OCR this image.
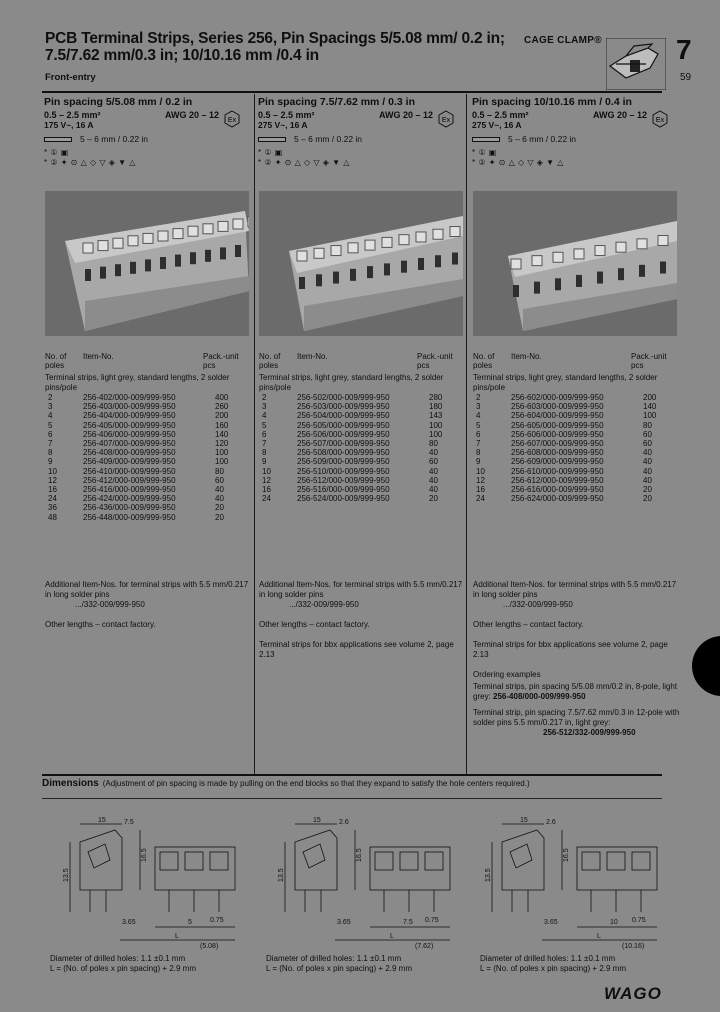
PCB Terminal Strips, Series 256, Pin Spacings 5/5.08 mm/ 0.2 in; 7.5/7.62 mm/0.3 in; 10/10.16 mm /0.4 in
Front-entry
CAGE CLAMP®	7
59
Pin spacing 5/5.08 mm / 0.2 in
0.5 – 2.5 mm²	AWG 20 – 12
175 V~, 16 A
5 – 6 mm / 0.22 in
* ① ▣
* ② ✦ ⊙ △ ◇ ▽ ◈ ▼ △
Ex
Pin spacing 7.5/7.62 mm / 0.3 in
0.5 – 2.5 mm²	AWG 20 – 12
275 V~, 16 A
5 – 6 mm / 0.22 in
* ① ▣
* ② ✦ ⊙ △ ◇ ▽ ◈ ▼ △
Ex
Pin spacing 10/10.16 mm / 0.4 in
0.5 – 2.5 mm²	AWG 20 – 12
275 V~, 16 A
5 – 6 mm / 0.22 in
* ① ▣
* ② ✦ ⊙ △ ◇ ▽ ◈ ▼ △
Ex
No. of poles
Item-No.	Pack.-unit pcs
Terminal strips, light grey, standard lengths, 2 solder pins/pole
2	256-402/000-009/999-950	400
3	256-403/000-009/999-950	260
4	256-404/000-009/999-950	200
5	256-405/000-009/999-950	160
6	256-406/000-009/999-950	140
7	256-407/000-009/999-950	120
8	256-408/000-009/999-950	100
9	256-409/000-009/999-950	100
10	256-410/000-009/999-950	80
12	256-412/000-009/999-950	60
16	256-416/000-009/999-950	40
24	256-424/000-009/999-950	40
36	256-436/000-009/999-950	20
48	256-448/000-009/999-950	20
No. of poles
Item-No.	Pack.-unit pcs
Terminal strips, light grey, standard lengths, 2 solder pins/pole
2	256-502/000-009/999-950	280
3	256-503/000-009/999-950	180
4	256-504/000-009/999-950	143
5	256-505/000-009/999-950	100
6	256-506/000-009/999-950	100
7	256-507/000-009/999-950	80
8	256-508/000-009/999-950	40
9	256-509/000-009/999-950	60
10	256-510/000-009/999-950	40
12	256-512/000-009/999-950	40
16	256-516/000-009/999-950	40
24	256-524/000-009/999-950	20
No. of poles
Item-No.	Pack.-unit pcs
Terminal strips, light grey, standard lengths, 2 solder pins/pole
2	256-602/000-009/999-950	200
3	256-603/000-009/999-950	140
4	256-604/000-009/999-950	100
5	256-605/000-009/999-950	80
6	256-606/000-009/999-950	60
7	256-607/000-009/999-950	60
8	256-608/000-009/999-950	40
9	256-609/000-009/999-950	40
10	256-610/000-009/999-950	40
12	256-612/000-009/999-950	40
16	256-616/000-009/999-950	20
24	256-624/000-009/999-950	20

Additional Item-Nos. for terminal strips with 5.5 mm/0.217 in long solder pins
.../332-009/999-950

Other lengths – contact factory.

Additional Item-Nos. for terminal strips with 5.5 mm/0.217 in long solder pins
.../332-009/999-950

Other lengths – contact factory.

Terminal strips for bbx applications see volume 2, page 2.13

Additional Item-Nos. for terminal strips with 5.5 mm/0.217 in long solder pins
.../332-009/999-950

Other lengths – contact factory.

Terminal strips for bbx applications see volume 2, page 2.13

Ordering examples

Terminal strips, pin spacing 5/5.08 mm/0.2 in, 8-pole, light grey: 256-408/000-009/999-950

Terminal strip, pin spacing 7.5/7.62 mm/0.3 in 12-pole with solder pins 5.5 mm/0.217 in, light grey:
256-512/332-009/999-950

Dimensions (Adjustment of pin spacing is made by pulling on the end blocks so that they expand to satisfy the hole centers required.)
15	7.5
16.5
13.5
3.65	5	0.75
L
(5.08)
15	2.6
16.5
13.5
3.65	7.5 0.75
L
(7.62)
15	2.6
16.5
13.5
3.65	10 0.75
L
(10.16)
Diameter of drilled holes: 1.1 ±0.1 mm
L = (No. of poles x pin spacing) + 2.9 mm
Diameter of drilled holes: 1.1 ±0.1 mm
L = (No. of poles x pin spacing) + 2.9 mm
Diameter of drilled holes: 1.1 ±0.1 mm
L = (No. of poles x pin spacing) + 2.9 mm
WAGO
